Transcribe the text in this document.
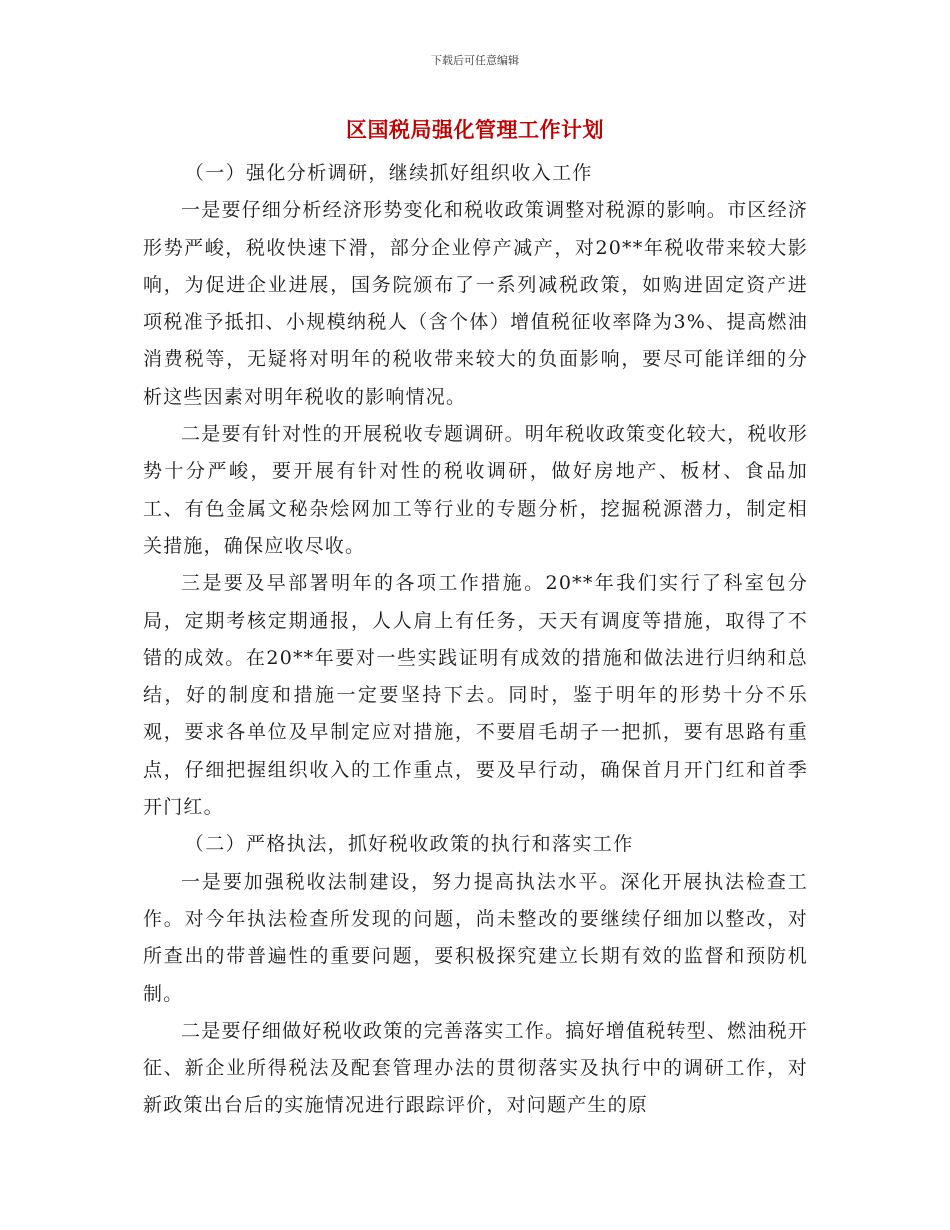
下载后可任意编辑
区国税局强化管理工作计划

（一）强化分析调研，继续抓好组织收入工作

一是要仔细分析经济形势变化和税收政策调整对税源的影响。市区经济形势严峻，税收快速下滑，部分企业停产减产，对20**年税收带来较大影响，为促进企业进展，国务院颁布了一系列减税政策，如购进固定资产进项税准予抵扣、小规模纳税人（含个体）增值税征收率降为3%、提高燃油消费税等，无疑将对明年的税收带来较大的负面影响，要尽可能详细的分析这些因素对明年税收的影响情况。

二是要有针对性的开展税收专题调研。明年税收政策变化较大，税收形势十分严峻，要开展有针对性的税收调研，做好房地产、板材、食品加工、有色金属文秘杂烩网加工等行业的专题分析，挖掘税源潜力，制定相关措施，确保应收尽收。

三是要及早部署明年的各项工作措施。20**年我们实行了科室包分局，定期考核定期通报，人人肩上有任务，天天有调度等措施，取得了不错的成效。在20**年要对一些实践证明有成效的措施和做法进行归纳和总结，好的制度和措施一定要坚持下去。同时，鉴于明年的形势十分不乐观，要求各单位及早制定应对措施，不要眉毛胡子一把抓，要有思路有重点，仔细把握组织收入的工作重点，要及早行动，确保首月开门红和首季开门红。

（二）严格执法，抓好税收政策的执行和落实工作

一是要加强税收法制建设，努力提高执法水平。深化开展执法检查工作。对今年执法检查所发现的问题，尚未整改的要继续仔细加以整改，对所查出的带普遍性的重要问题，要积极探究建立长期有效的监督和预防机制。

二是要仔细做好税收政策的完善落实工作。搞好增值税转型、燃油税开征、新企业所得税法及配套管理办法的贯彻落实及执行中的调研工作，对新政策出台后的实施情况进行跟踪评价，对问题产生的原
